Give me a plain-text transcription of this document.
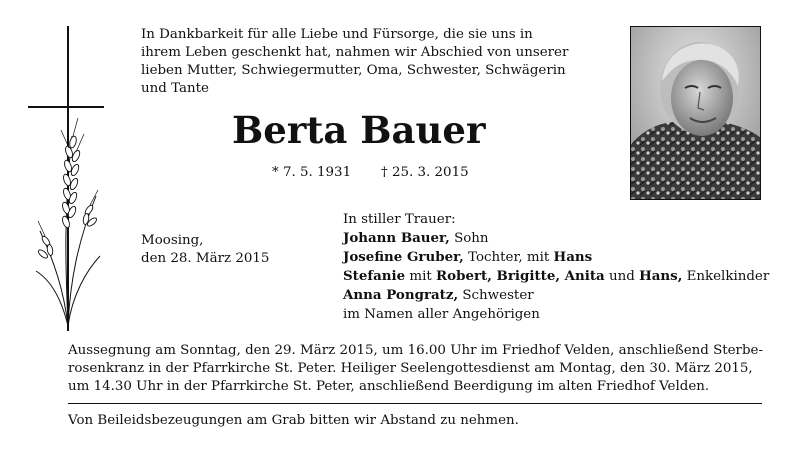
In Dankbarkeit für alle Liebe und Fürsorge, die sie uns in
ihrem Leben geschenkt hat, nahmen wir Abschied von unserer
lieben Mutter, Schwiegermutter, Oma, Schwester, Schwägerin
und Tante
Berta Bauer
* 7. 5. 1931 † 25. 3. 2015
Moosing,
den 28. März 2015
In stiller Trauer:
Johann Bauer, Sohn
Josefine Gruber, Tochter, mit Hans
Stefanie mit Robert, Brigitte, Anita und Hans, Enkelkinder
Anna Pongratz, Schwester
im Namen aller Angehörigen
Aussegnung am Sonntag, den 29. März 2015, um 16.00 Uhr im Friedhof Velden, anschließend Sterbe-
rosenkranz in der Pfarrkirche St. Peter. Heiliger Seelengottesdienst am Montag, den 30. März 2015,
um 14.30 Uhr in der Pfarrkirche St. Peter, anschließend Beerdigung im alten Friedhof Velden.
Von Beileidsbezeugungen am Grab bitten wir Abstand zu nehmen.
